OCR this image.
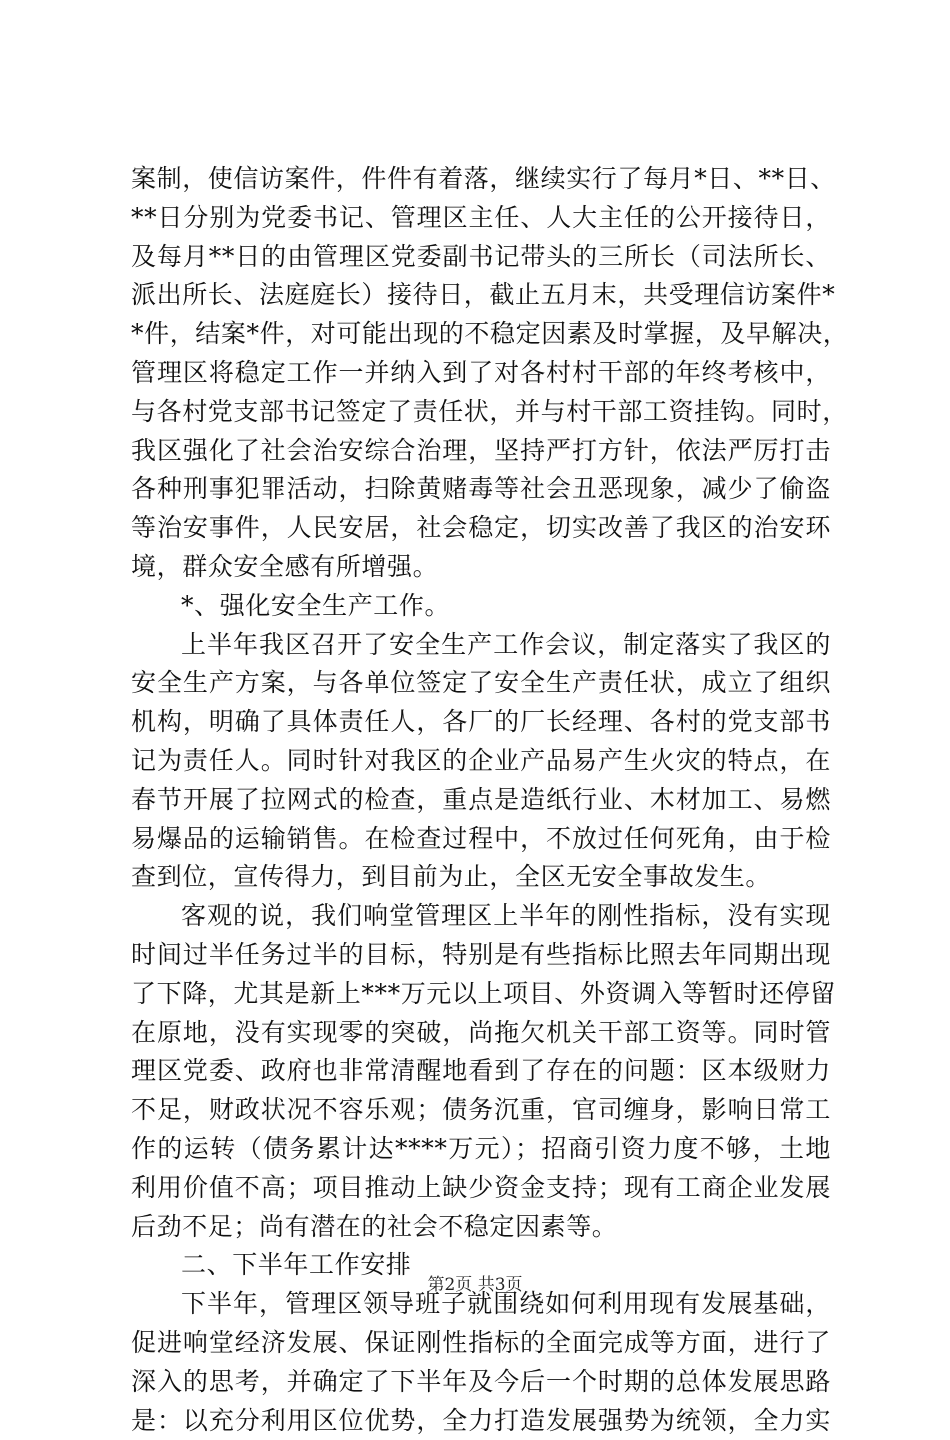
案制，使信访案件，件件有着落，继续实行了每月*日、**日、
**日分别为党委书记、管理区主任、人大主任的公开接待日，
及每月**日的由管理区党委副书记带头的三所长（司法所长、
派出所长、法庭庭长）接待日，截止五月末，共受理信访案件*
*件，结案*件，对可能出现的不稳定因素及时掌握，及早解决，
管理区将稳定工作一并纳入到了对各村村干部的年终考核中，
与各村党支部书记签定了责任状，并与村干部工资挂钩。同时，
我区强化了社会治安综合治理，坚持严打方针，依法严厉打击
各种刑事犯罪活动，扫除黄赌毒等社会丑恶现象，减少了偷盗
等治安事件，人民安居，社会稳定，切实改善了我区的治安环
境，群众安全感有所增强。
*、强化安全生产工作。
上半年我区召开了安全生产工作会议，制定落实了我区的
安全生产方案，与各单位签定了安全生产责任状，成立了组织
机构，明确了具体责任人，各厂的厂长经理、各村的党支部书
记为责任人。同时针对我区的企业产品易产生火灾的特点，在
春节开展了拉网式的检查，重点是造纸行业、木材加工、易燃
易爆品的运输销售。在检查过程中，不放过任何死角，由于检
查到位，宣传得力，到目前为止，全区无安全事故发生。
客观的说，我们响堂管理区上半年的刚性指标，没有实现
时间过半任务过半的目标，特别是有些指标比照去年同期出现
了下降，尤其是新上***万元以上项目、外资调入等暂时还停留
在原地，没有实现零的突破，尚拖欠机关干部工资等。同时管
理区党委、政府也非常清醒地看到了存在的问题：区本级财力
不足，财政状况不容乐观；债务沉重，官司缠身，影响日常工
作的运转（债务累计达****万元）；招商引资力度不够，土地
利用价值不高；项目推动上缺少资金支持；现有工商企业发展
后劲不足；尚有潜在的社会不稳定因素等。
二、下半年工作安排
下半年，管理区领导班子就围绕如何利用现有发展基础，
促进响堂经济发展、保证刚性指标的全面完成等方面，进行了
深入的思考，并确定了下半年及今后一个时期的总体发展思路
是：以充分利用区位优势，全力打造发展强势为统领，全力实
第2页 共3页
